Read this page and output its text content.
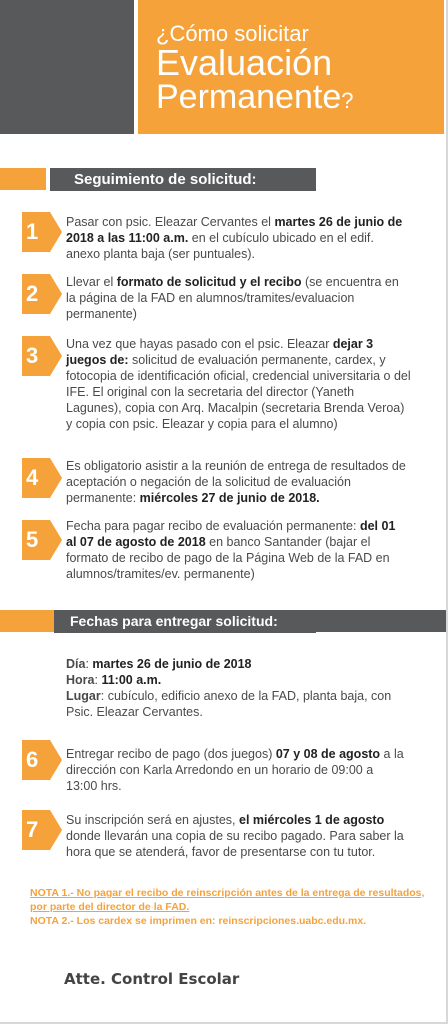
¿Cómo solicitar
Evaluación
Permanente?
Seguimiento de solicitud:
1	Pasar con psic. Eleazar Cervantes el martes 26 de junio de 2018 a las 11:00 a.m. en el cubículo ubicado en el edif. anexo planta baja (ser puntuales).
2	Llevar el formato de solicitud y el recibo (se encuentra en la página de la FAD en alumnos/tramites/evaluacion permanente)
3	Una vez que hayas pasado con el psic. Eleazar dejar 3 juegos de: solicitud de evaluación permanente, cardex, y fotocopia de identificación oficial, credencial universitaria o del IFE. El original con la secretaria del director (Yaneth Lagunes), copia con Arq. Macalpin (secretaria Brenda Veroa) y copia con psic. Eleazar y copia para el alumno)
4	Es obligatorio asistir a la reunión de entrega de resultados de aceptación o negación de la solicitud de evaluación permanente: miércoles 27 de junio de 2018.
5
Fecha para pagar recibo de evaluación permanente: del 01 al 07 de agosto de 2018 en banco Santander (bajar el formato de recibo de pago de la Página Web de la FAD en alumnos/tramites/ev. permanente)
Fechas para entregar solicitud:
Día: martes 26 de junio de 2018
Hora: 11:00 a.m.
Lugar: cubículo, edificio anexo de la FAD, planta baja, con Psic. Eleazar Cervantes.
6	Entregar recibo de pago (dos juegos) 07 y 08 de agosto a la dirección con Karla Arredondo en un horario de 09:00 a 13:00 hrs.
7	Su inscripción será en ajustes, el miércoles 1 de agosto donde llevarán una copia de su recibo pagado. Para saber la hora que se atenderá, favor de presentarse con tu tutor.
NOTA 1.- No pagar el recibo de reinscripción antes de la entrega de resultados, por parte del director de la FAD.
NOTA 2.- Los cardex se imprimen en: reinscripciones.uabc.edu.mx.
Atte. Control Escolar
